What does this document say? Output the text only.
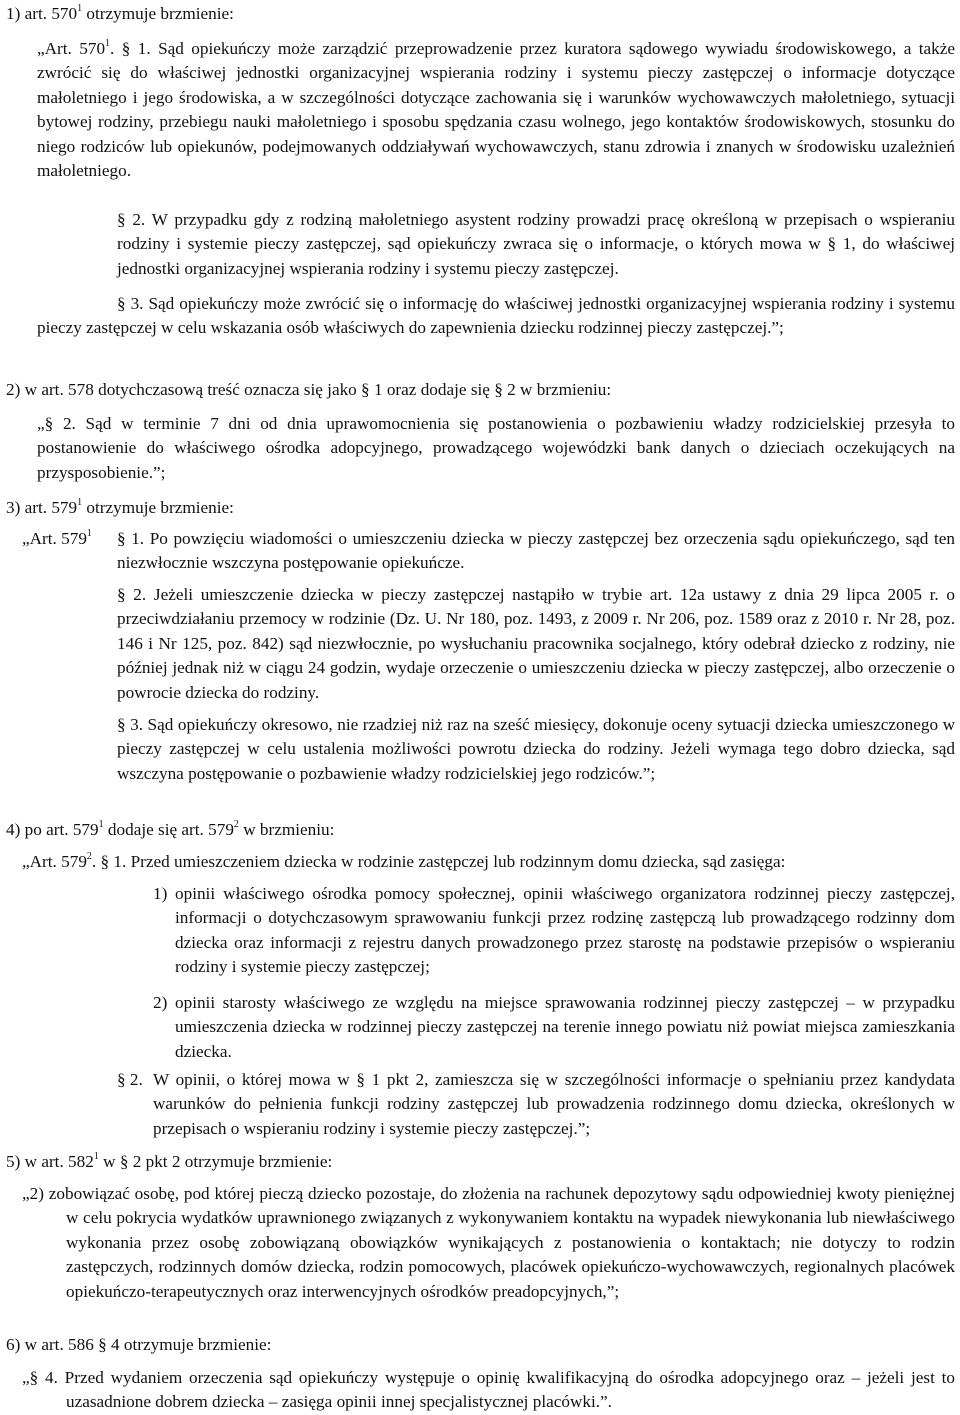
1) art. $570^1$ otrzymuje brzmienie:

„Art. $570^1$. § 1. Sąd opiekuńczy może zarządzić przeprowadzenie przez kuratora sądowego wywiadu środowiskowego, a także zwrócić się do właściwej jednostki organizacyjnej wspierania rodziny i systemu pieczy zastępczej o informacje dotyczące małoletniego i jego środowiska, a w szczególności dotyczące zachowania się i warunków wychowawczych małoletniego, sytuacji bytowej rodziny, przebiegu nauki małoletniego i sposobu spędzania czasu wolnego, jego kontaktów środowiskowych, stosunku do niego rodziców lub opiekunów, podejmowanych oddziaływań wychowawczych, stanu zdrowia i znanych w środowisku uzależnień małoletniego.

§ 2. W przypadku gdy z rodziną małoletniego asystent rodziny prowadzi pracę określoną w przepisach o wspieraniu rodziny i systemie pieczy zastępczej, sąd opiekuńczy zwraca się o informacje, o których mowa w § 1, do właściwej jednostki organizacyjnej wspierania rodziny i systemu pieczy zastępczej.

§ 3. Sąd opiekuńczy może zwrócić się o informację do właściwej jednostki organizacyjnej wspierania rodziny i systemu pieczy zastępczej w celu wskazania osób właściwych do zapewnienia dziecku rodzinnej pieczy zastępczej.”;

2) w art. 578 dotychczasową treść oznacza się jako § 1 oraz dodaje się § 2 w brzmieniu:

„§ 2. Sąd w terminie 7 dni od dnia uprawomocnienia się postanowienia o pozbawieniu władzy rodzicielskiej przesyła to postanowienie do właściwego ośrodka adopcyjnego, prowadzącego wojewódzki bank danych o dzieciach oczekujących na przysposobienie.”;

3) art. $579^1$ otrzymuje brzmienie:
„Art. $579^1$ § 1. Po powzięciu wiadomości o umieszczeniu dziecka w pieczy zastępczej bez orzeczenia sądu opiekuńczego, sąd ten niezwłocznie wszczyna postępowanie opiekuńcze.

§ 2. Jeżeli umieszczenie dziecka w pieczy zastępczej nastąpiło w trybie art. 12a ustawy z dnia 29 lipca 2005 r. o przeciwdziałaniu przemocy w rodzinie (Dz. U. Nr 180, poz. 1493, z 2009 r. Nr 206, poz. 1589 oraz z 2010 r. Nr 28, poz. 146 i Nr 125, poz. 842) sąd niezwłocznie, po wysłuchaniu pracownika socjalnego, który odebrał dziecko z rodziny, nie później jednak niż w ciągu 24 godzin, wydaje orzeczenie o umieszczeniu dziecka w pieczy zastępczej, albo orzeczenie o powrocie dziecka do rodziny.

§ 3. Sąd opiekuńczy okresowo, nie rzadziej niż raz na sześć miesięcy, dokonuje oceny sytuacji dziecka umieszczonego w pieczy zastępczej w celu ustalenia możliwości powrotu dziecka do rodziny. Jeżeli wymaga tego dobro dziecka, sąd wszczyna postępowanie o pozbawienie władzy rodzicielskiej jego rodziców.”;

4) po art. $579^1$ dodaje się art. $579^2$ w brzmieniu:

„Art. $579^2$. § 1. Przed umieszczeniem dziecka w rodzinie zastępczej lub rodzinnym domu dziecka, sąd zasięga:

1) opinii właściwego ośrodka pomocy społecznej, opinii właściwego organizatora rodzinnej pieczy zastępczej, informacji o dotychczasowym sprawowaniu funkcji przez rodzinę zastępczą lub prowadzącego rodzinny dom dziecka oraz informacji z rejestru danych prowadzonego przez starostę na podstawie przepisów o wspieraniu rodziny i systemie pieczy zastępczej;

2) opinii starosty właściwego ze względu na miejsce sprawowania rodzinnej pieczy zastępczej – w przypadku umieszczenia dziecka w rodzinnej pieczy zastępczej na terenie innego powiatu niż powiat miejsca zamieszkania dziecka.

§ 2. W opinii, o której mowa w § 1 pkt 2, zamieszcza się w szczególności informacje o spełnianiu przez kandydata warunków do pełnienia funkcji rodziny zastępczej lub prowadzenia rodzinnego domu dziecka, określonych w przepisach o wspieraniu rodziny i systemie pieczy zastępczej.”;

5) w art. $582^1$ w § 2 pkt 2 otrzymuje brzmienie:

„2) zobowiązać osobę, pod której pieczą dziecko pozostaje, do złożenia na rachunek depozytowy sądu odpowiedniej kwoty pieniężnej w celu pokrycia wydatków uprawnionego związanych z wykonywaniem kontaktu na wypadek niewykonania lub niewłaściwego wykonania przez osobę zobowiązaną obowiązków wynikających z postanowienia o kontaktach; nie dotyczy to rodzin zastępczych, rodzinnych domów dziecka, rodzin pomocowych, placówek opiekuńczo-wychowawczych, regionalnych placówek opiekuńczo-terapeutycznych oraz interwencyjnych ośrodków preadopcyjnych,”;

6) w art. 586 § 4 otrzymuje brzmienie:

„§ 4. Przed wydaniem orzeczenia sąd opiekuńczy występuje o opinię kwalifikacyjną do ośrodka adopcyjnego oraz – jeżeli jest to uzasadnione dobrem dziecka – zasięga opinii innej specjalistycznej placówki.”.
